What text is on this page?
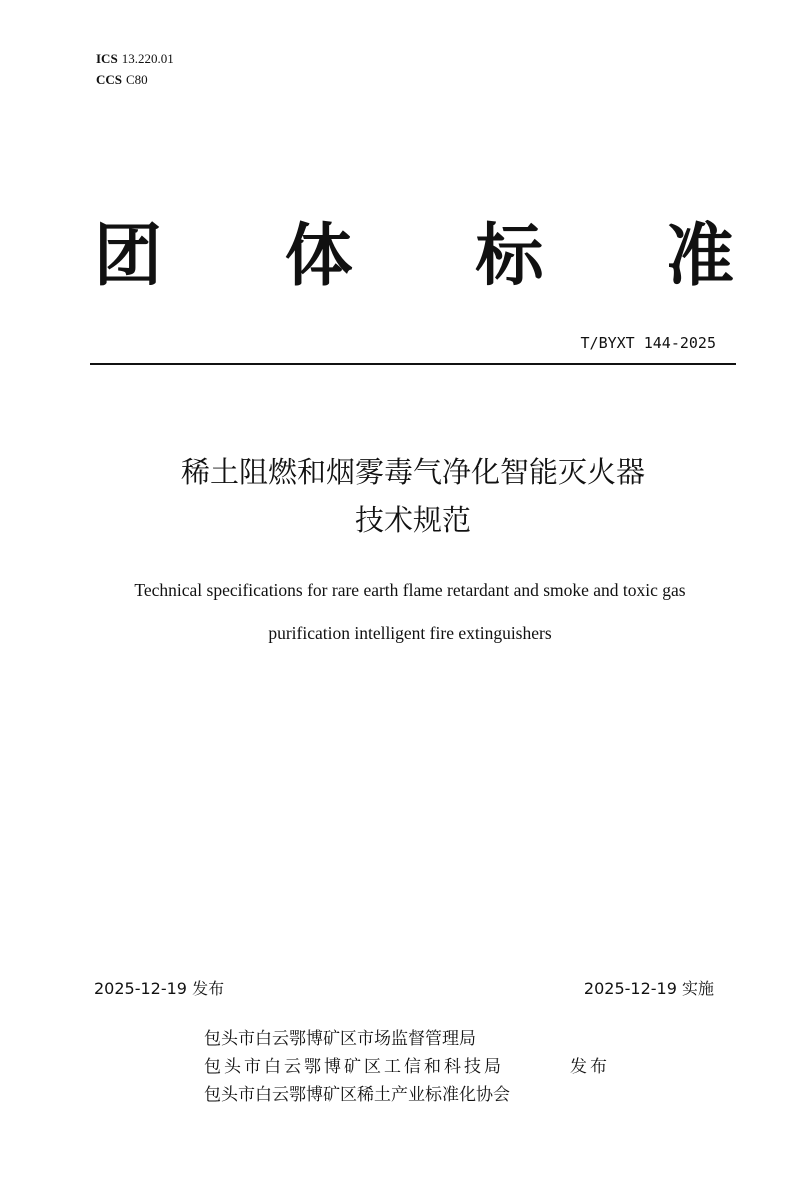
ICS 13.220.01
CCS C80
团 体 标 准
T/BYXT 144-2025
稀土阻燃和烟雾毒气净化智能灭火器
技术规范
Technical specifications for rare earth flame retardant and smoke and toxic gas
purification intelligent fire extinguishers
2025-12-19 发布	2025-12-19 实施
包头市白云鄂博矿区市场监督管理局
包头市白云鄂博矿区工信和科技局
包头市白云鄂博矿区稀土产业标准化协会
发布
